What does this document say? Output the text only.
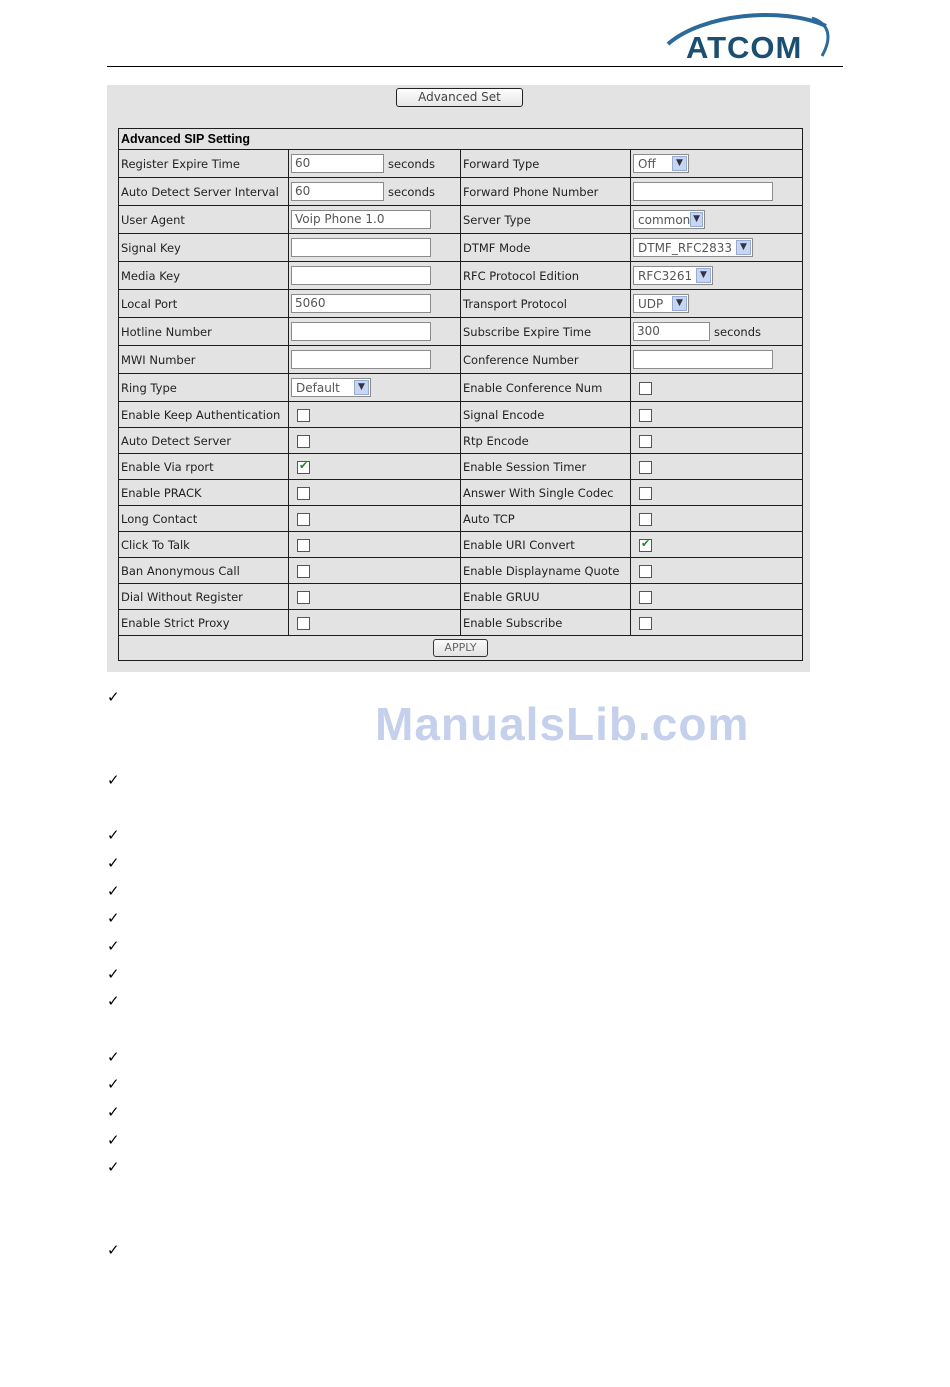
ATCOM
Advanced Set
Advanced SIP Setting			
Register Expire Time	60 seconds	Forward Type	Off ▼

Auto Detect Server Interval	60 seconds	Forward Phone Number	
User Agent	Voip Phone 1.0	Server Type	common ▼

Signal Key		DTMF Mode	DTMF_RFC2833 ▼

Media Key		RFC Protocol Edition	RFC3261 ▼

Local Port	5060	Transport Protocol	UDP ▼

Hotline Number		Subscribe Expire Time	300 seconds
MWI Number		Conference Number	
Ring Type	Default ▼	Enable Conference Num	
Enable Keep Authentication		Signal Encode	
Auto Detect Server		Rtp Encode	
Enable Via rport	✔	Enable Session Timer	
Enable PRACK		Answer With Single Codec	
Long Contact		Auto TCP	
Click To Talk		Enable URI Convert	✔
Ban Anonymous Call		Enable Displayname Quote	
Dial Without Register		Enable GRUU	
Enable Strict Proxy		Enable Subscribe	
APPLY			
ManualsLib.com
✓
✓
✓
✓
✓
✓
✓
✓
✓
✓
✓
✓
✓
✓
✓
